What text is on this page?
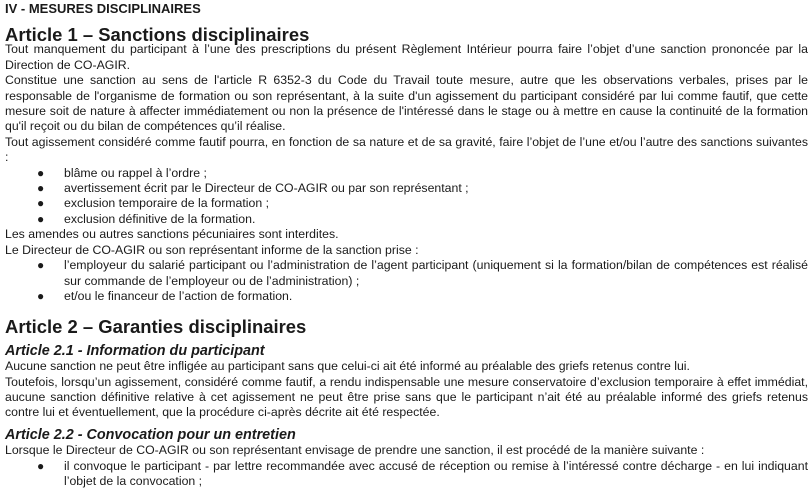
IV - MESURES DISCIPLINAIRES
Article 1 – Sanctions disciplinaires

Tout manquement du participant à l’une des prescriptions du présent Règlement Intérieur pourra faire l’objet d’une sanction prononcée par la Direction de CO-AGIR.

Constitue une sanction au sens de l'article R 6352-3 du Code du Travail toute mesure, autre que les observations verbales, prises par le responsable de l'organisme de formation ou son représentant, à la suite d'un agissement du participant considéré par lui comme fautif, que cette mesure soit de nature à affecter immédiatement ou non la présence de l'intéressé dans le stage ou à mettre en cause la continuité de la formation qu'il reçoit ou du bilan de compétences qu’il réalise.

Tout agissement considéré comme fautif pourra, en fonction de sa nature et de sa gravité, faire l’objet de l’une et/ou l’autre des sanctions suivantes :

● blâme ou rappel à l’ordre ;
● avertissement écrit par le Directeur de CO-AGIR ou par son représentant ;
● exclusion temporaire de la formation ;
● exclusion définitive de la formation.

Les amendes ou autres sanctions pécuniaires sont interdites.

Le Directeur de CO-AGIR ou son représentant informe de la sanction prise :

● l’employeur du salarié participant ou l’administration de l’agent participant (uniquement si la formation/bilan de compétences est réalisé sur commande de l’employeur ou de l’administration) ;
● et/ou le financeur de l’action de formation.
Article 2 – Garanties disciplinaires
Article 2.1 - Information du participant

Aucune sanction ne peut être infligée au participant sans que celui-ci ait été informé au préalable des griefs retenus contre lui.

Toutefois, lorsqu’un agissement, considéré comme fautif, a rendu indispensable une mesure conservatoire d’exclusion temporaire à effet immédiat, aucune sanction définitive relative à cet agissement ne peut être prise sans que le participant n’ait été au préalable informé des griefs retenus contre lui et éventuellement, que la procédure ci-après décrite ait été respectée.

Article 2.2 - Convocation pour un entretien

Lorsque le Directeur de CO-AGIR ou son représentant envisage de prendre une sanction, il est procédé de la manière suivante :

● il convoque le participant - par lettre recommandée avec accusé de réception ou remise à l’intéressé contre décharge - en lui indiquant l’objet de la convocation ;
